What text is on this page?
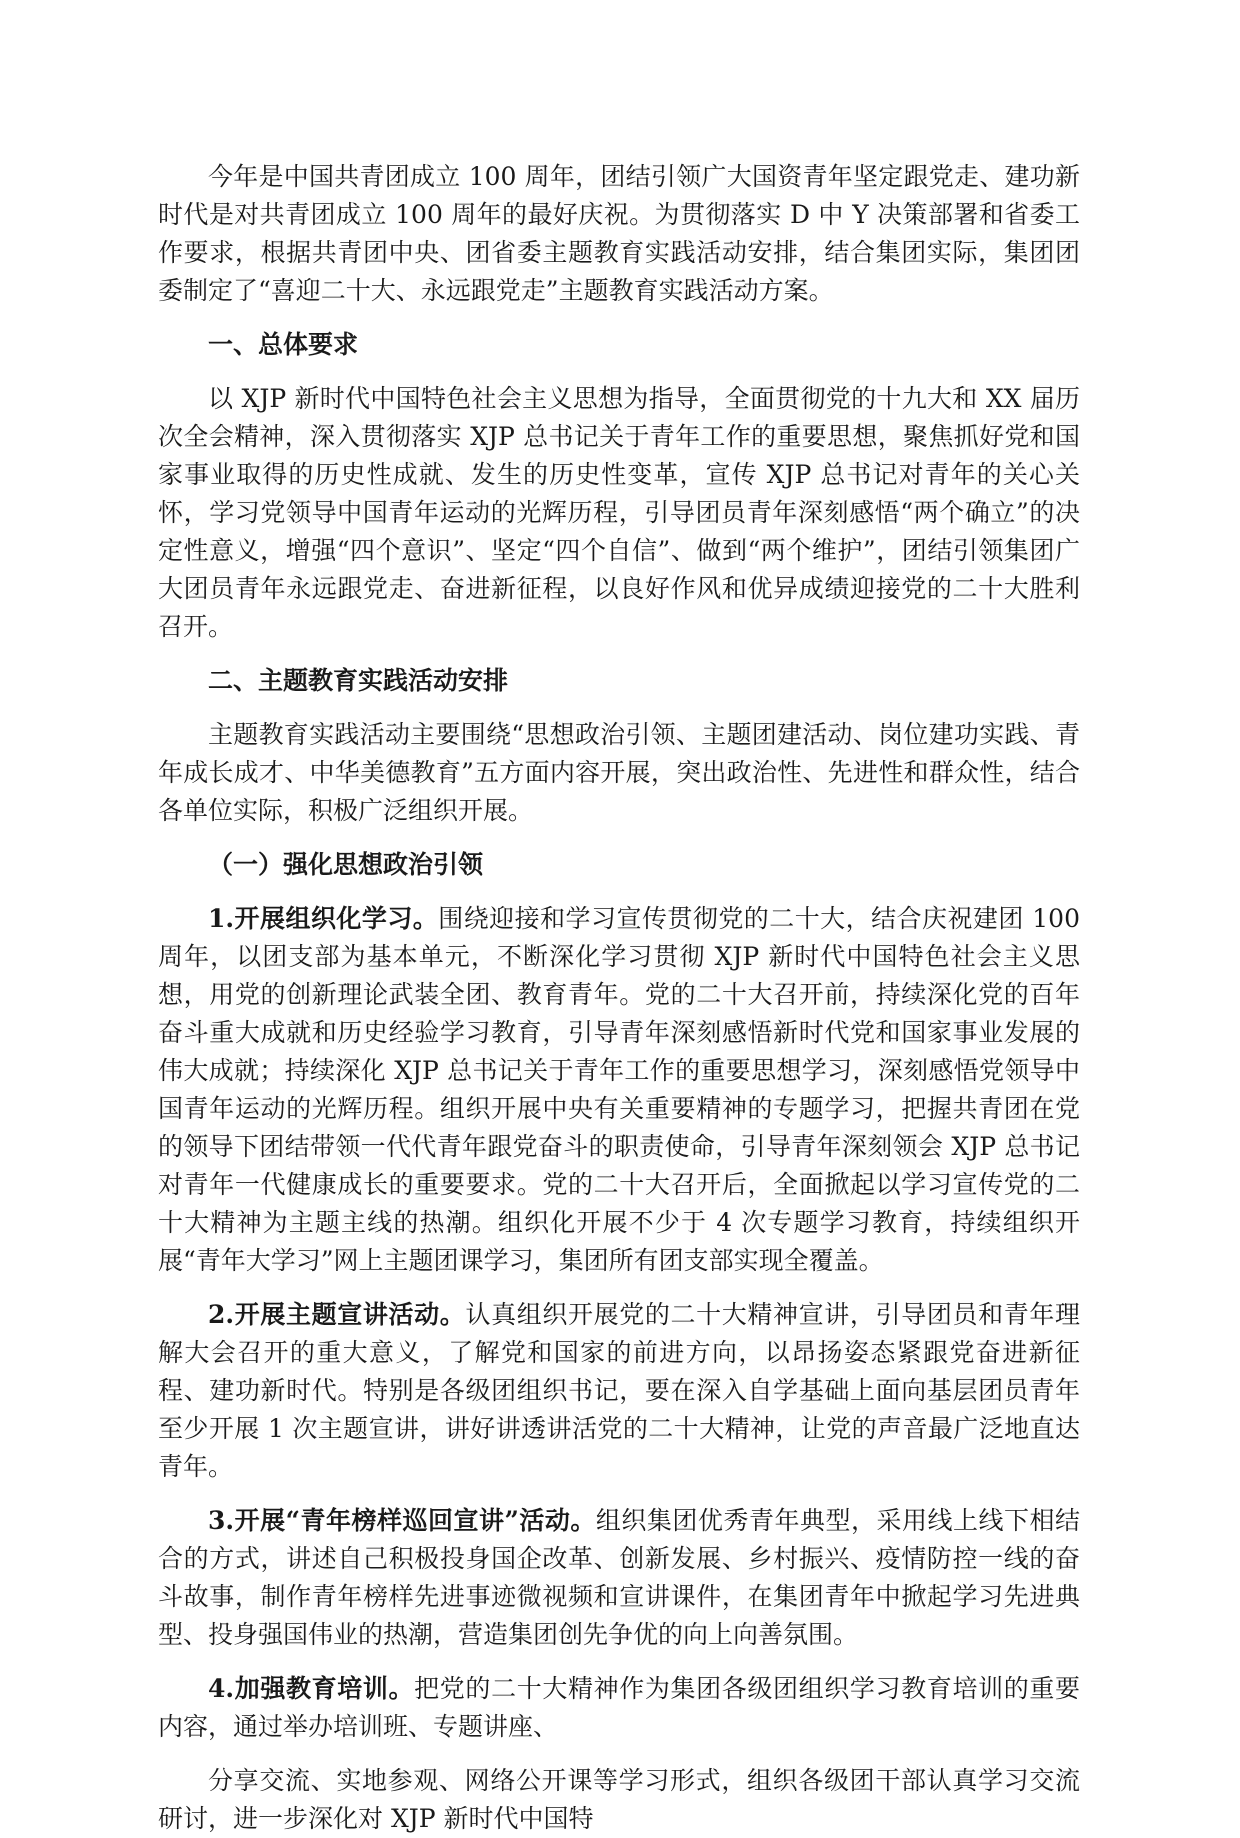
今年是中国共青团成立 100 周年，团结引领广大国资青年坚定跟党走、建功新时代是对共青团成立 100 周年的最好庆祝。为贯彻落实 D 中 Y 决策部署和省委工作要求，根据共青团中央、团省委主题教育实践活动安排，结合集团实际，集团团委制定了“喜迎二十大、永远跟党走”主题教育实践活动方案。

一、总体要求

以 XJP 新时代中国特色社会主义思想为指导，全面贯彻党的十九大和 XX 届历次全会精神，深入贯彻落实 XJP 总书记关于青年工作的重要思想，聚焦抓好党和国家事业取得的历史性成就、发生的历史性变革，宣传 XJP 总书记对青年的关心关怀，学习党领导中国青年运动的光辉历程，引导团员青年深刻感悟“两个确立”的决定性意义，增强“四个意识”、坚定“四个自信”、做到“两个维护”，团结引领集团广大团员青年永远跟党走、奋进新征程，以良好作风和优异成绩迎接党的二十大胜利召开。

二、主题教育实践活动安排

主题教育实践活动主要围绕“思想政治引领、主题团建活动、岗位建功实践、青年成长成才、中华美德教育”五方面内容开展，突出政治性、先进性和群众性，结合各单位实际，积极广泛组织开展。

（一）强化思想政治引领

1.开展组织化学习。围绕迎接和学习宣传贯彻党的二十大，结合庆祝建团 100 周年，以团支部为基本单元，不断深化学习贯彻 XJP 新时代中国特色社会主义思想，用党的创新理论武装全团、教育青年。党的二十大召开前，持续深化党的百年奋斗重大成就和历史经验学习教育，引导青年深刻感悟新时代党和国家事业发展的伟大成就；持续深化 XJP 总书记关于青年工作的重要思想学习，深刻感悟党领导中国青年运动的光辉历程。组织开展中央有关重要精神的专题学习，把握共青团在党的领导下团结带领一代代青年跟党奋斗的职责使命，引导青年深刻领会 XJP 总书记对青年一代健康成长的重要要求。党的二十大召开后，全面掀起以学习宣传党的二十大精神为主题主线的热潮。组织化开展不少于 4 次专题学习教育，持续组织开展“青年大学习”网上主题团课学习，集团所有团支部实现全覆盖。

2.开展主题宣讲活动。认真组织开展党的二十大精神宣讲，引导团员和青年理解大会召开的重大意义，了解党和国家的前进方向，以昂扬姿态紧跟党奋进新征程、建功新时代。特别是各级团组织书记，要在深入自学基础上面向基层团员青年至少开展 1 次主题宣讲，讲好讲透讲活党的二十大精神，让党的声音最广泛地直达青年。

3.开展“青年榜样巡回宣讲”活动。组织集团优秀青年典型，采用线上线下相结合的方式，讲述自己积极投身国企改革、创新发展、乡村振兴、疫情防控一线的奋斗故事，制作青年榜样先进事迹微视频和宣讲课件，在集团青年中掀起学习先进典型、投身强国伟业的热潮，营造集团创先争优的向上向善氛围。

4.加强教育培训。把党的二十大精神作为集团各级团组织学习教育培训的重要内容，通过举办培训班、专题讲座、

分享交流、实地参观、网络公开课等学习形式，组织各级团干部认真学习交流研讨，进一步深化对 XJP 新时代中国特
